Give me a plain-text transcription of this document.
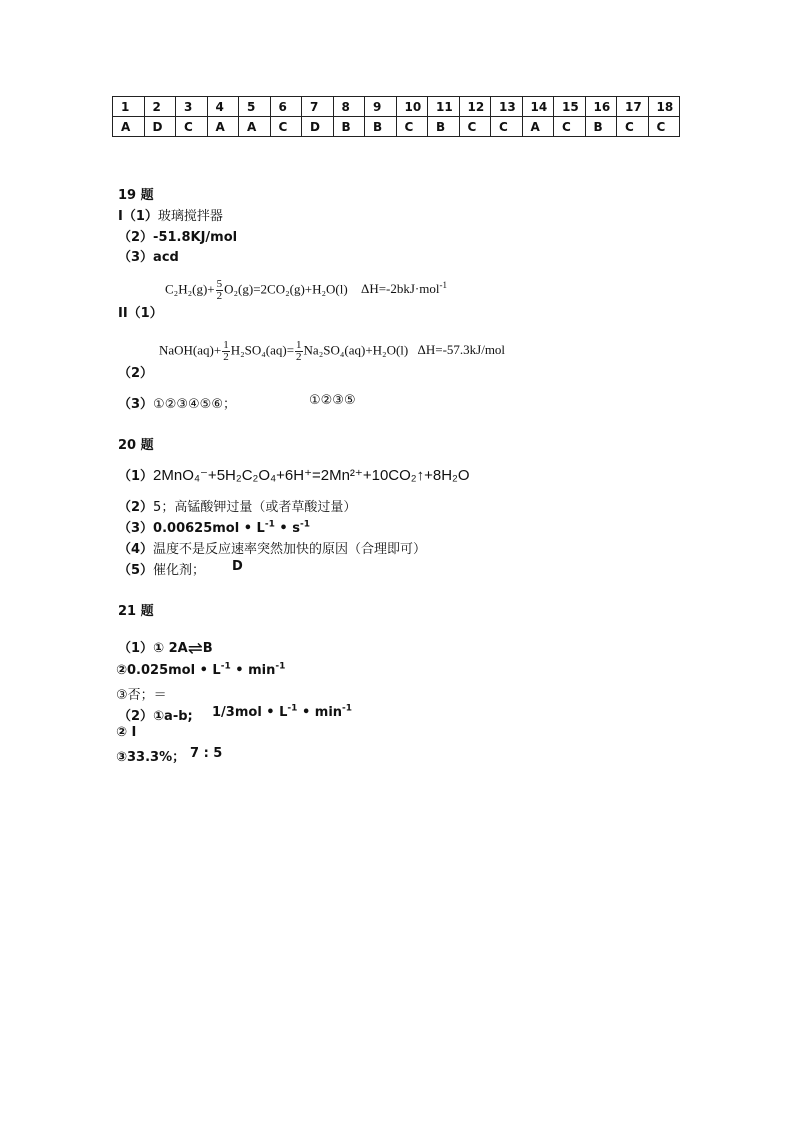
1	2	3	4	5	6	7	8	9	10	11	12	13	14	15	16	17	18
A	D	C	A	A	C	D	B	B	C	B	C	C	A	C	B	C	C
19 题
I（1）玻璃搅拌器
（2）-51.8KJ/mol
（3）acd
$C_2H_2(g)+ \frac{5}{2} O_2(g)=2CO_2(g)+H_2O(l)$ ΔH=-2bkJ·mol$^{-1}$
II（1）
NaOH(aq)+ $\frac{1}{2} H_2SO_4(aq)= \frac{1}{2} Na_2SO_4(aq)+H_2O(l)$ ΔH=-57.3kJ/mol
（2）
（3）①②③④⑤⑥；	①②③⑤
20 题
（1）2MnO₄⁻+5H₂C₂O₄+6H⁺=2Mn²⁺+10CO₂↑+8H₂O
（2）5；高锰酸钾过量（或者草酸过量）
（3）0.00625mol • $L^{-1}$ • $s^{-1}$
（4）温度不是反应速率突然加快的原因（合理即可）
（5）催化剂； D
21 题
（1）① 2A⇌B
②0.025mol • $L^{-1}$ • $\min^{-1}$
③否；＝
（2）①a-b; 1/3mol • $L^{-1}$ • $\min^{-1}$
② I
③33.3%； 7 : 5
